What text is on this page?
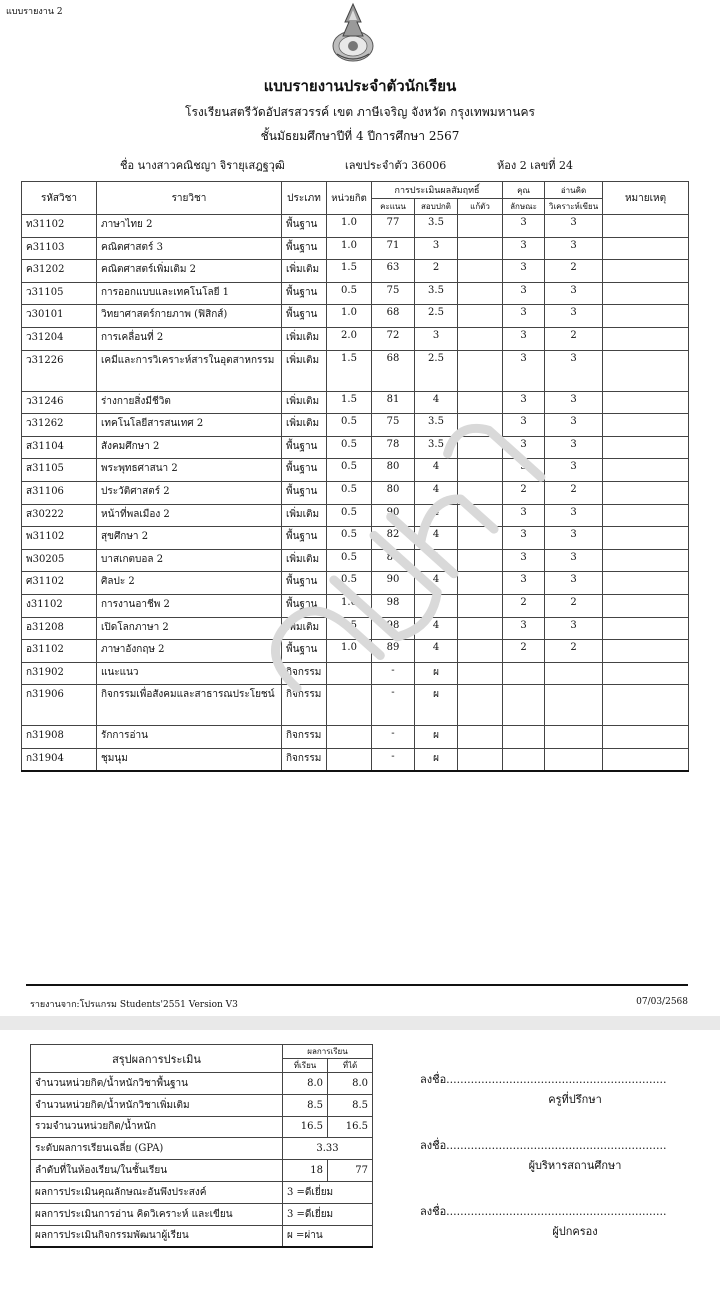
แบบรายงาน 2
แบบรายงานประจำตัวนักเรียน
โรงเรียนสตรีวัดอัปสรสวรรค์ เขต ภาษีเจริญ จังหวัด กรุงเทพมหานคร
ชั้นมัธยมศึกษาปีที่ 4 ปีการศึกษา 2567
ชื่อ นางสาวคณิชญา จิรายุเสฎฐวุฒิ	เลขประจำตัว 36006	ห้อง 2 เลขที่ 24
รหัสวิชา	รายวิชา	ประเภท	หน่วยกิต	การประเมินผลสัมฤทธิ์			คุณ	อ่านคิด	หมายเหตุ
				คะแนน	สอบปกติ	แก้ตัว	ลักษณะ	วิเคราะห์เขียน	
ท31102	ภาษาไทย 2	พื้นฐาน	1.0	77	3.5		3	3	
ค31103	คณิตศาสตร์ 3	พื้นฐาน	1.0	71	3		3	3	
ค31202	คณิตศาสตร์เพิ่มเติม 2	เพิ่มเติม	1.5	63	2		3	2	
ว31105	การออกแบบและเทคโนโลยี 1	พื้นฐาน	0.5	75	3.5		3	3	
ว30101	วิทยาศาสตร์กายภาพ (ฟิสิกส์)	พื้นฐาน	1.0	68	2.5		3	3	
ว31204	การเคลื่อนที่ 2	เพิ่มเติม	2.0	72	3		3	2	
ว31226	เคมีและการวิเคราะห์สารในอุตสาหกรรม	เพิ่มเติม	1.5	68	2.5		3	3	
ว31246	ร่างกายสิ่งมีชีวิต	เพิ่มเติม	1.5	81	4		3	3	
ว31262	เทคโนโลยีสารสนเทศ 2	เพิ่มเติม	0.5	75	3.5		3	3	
ส31104	สังคมศึกษา 2	พื้นฐาน	0.5	78	3.5		3	3	
ส31105	พระพุทธศาสนา 2	พื้นฐาน	0.5	80	4		3	3	
ส31106	ประวัติศาสตร์ 2	พื้นฐาน	0.5	80	4		2	2	
ส30222	หน้าที่พลเมือง 2	เพิ่มเติม	0.5	90	4		3	3	
พ31102	สุขศึกษา 2	พื้นฐาน	0.5	82	4		3	3	
พ30205	บาสเกตบอล 2	เพิ่มเติม	0.5	87	4		3	3	
ศ31102	ศิลปะ 2	พื้นฐาน	0.5	90	4		3	3	
ง31102	การงานอาชีพ 2	พื้นฐาน	1.0	98	4		2	2	
อ31208	เปิดโลกภาษา 2	เพิ่มเติม	0.5	98	4		3	3	
อ31102	ภาษาอังกฤษ 2	พื้นฐาน	1.0	89	4		2	2	
ก31902	แนะแนว	กิจกรรม		-	ผ				
ก31906	กิจกรรมเพื่อสังคมและสาธารณประโยชน์	กิจกรรม		-	ผ				
ก31908	รักการอ่าน	กิจกรรม		-	ผ				
ก31904	ชุมนุม	กิจกรรม		-	ผ				
รายงานจาก:โปรแกรม Students'2551 Version V3	07/03/2568
สรุปผลการประเมิน	ผลการเรียน	
	ที่เรียน	ที่ได้
จำนวนหน่วยกิต/น้ำหนักวิชาพื้นฐาน	8.0	8.0
จำนวนหน่วยกิต/น้ำหนักวิชาเพิ่มเติม	8.5	8.5
รวมจำนวนหน่วยกิต/น้ำหนัก	16.5	16.5
ระดับผลการเรียนเฉลี่ย (GPA)	3.33	
ลำดับที่ในห้องเรียน/ในชั้นเรียน	18	77
ผลการประเมินคุณลักษณะอันพึงประสงค์	3 =ดีเยี่ยม	
ผลการประเมินการอ่าน คิดวิเคราะห์ และเขียน	3 =ดีเยี่ยม	
ผลการประเมินกิจกรรมพัฒนาผู้เรียน	ผ =ผ่าน	
ลงชื่อ...............................................................
ครูที่ปรึกษา
ลงชื่อ...............................................................
ผู้บริหารสถานศึกษา
ลงชื่อ...............................................................
ผู้ปกครอง
